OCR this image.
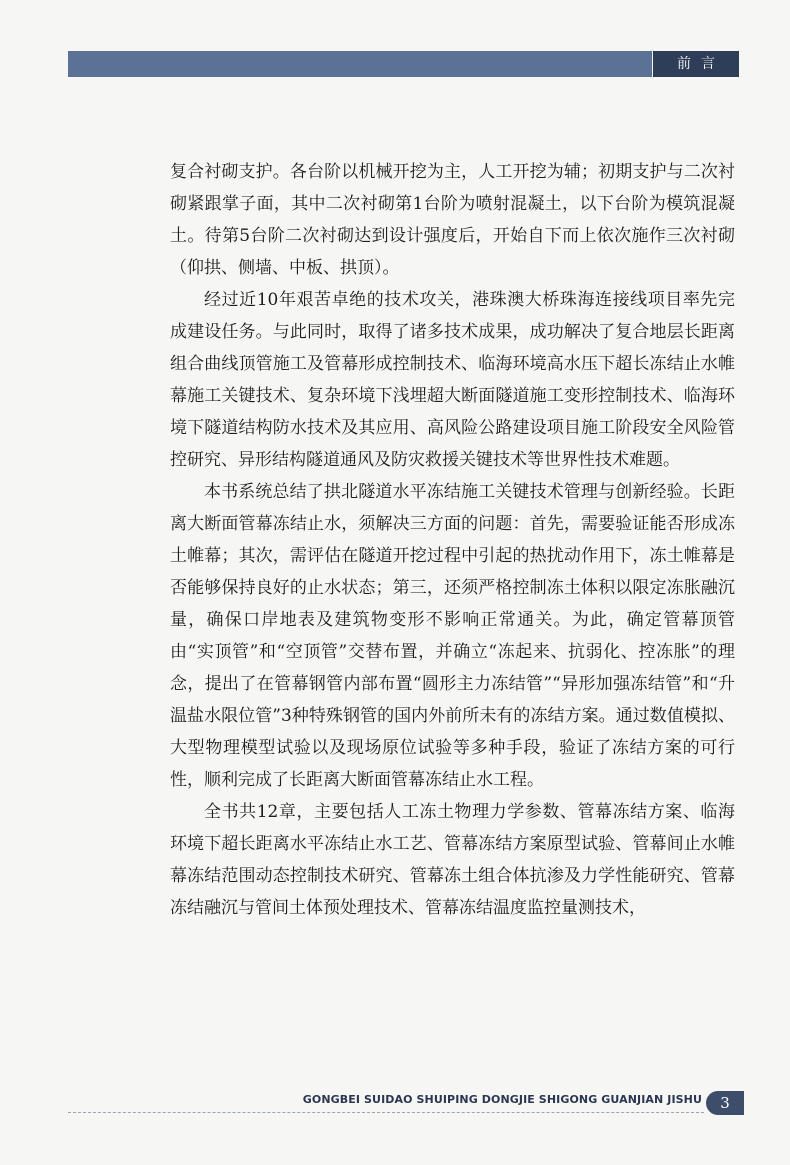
前言

复合衬砌支护。各台阶以机械开挖为主，人工开挖为辅；初期支护与二次衬砌紧跟掌子面，其中二次衬砌第1台阶为喷射混凝土，以下台阶为模筑混凝土。待第5台阶二次衬砌达到设计强度后，开始自下而上依次施作三次衬砌（仰拱、侧墙、中板、拱顶）。

经过近10年艰苦卓绝的技术攻关，港珠澳大桥珠海连接线项目率先完成建设任务。与此同时，取得了诸多技术成果，成功解决了复合地层长距离组合曲线顶管施工及管幕形成控制技术、临海环境高水压下超长冻结止水帷幕施工关键技术、复杂环境下浅埋超大断面隧道施工变形控制技术、临海环境下隧道结构防水技术及其应用、高风险公路建设项目施工阶段安全风险管控研究、异形结构隧道通风及防灾救援关键技术等世界性技术难题。

本书系统总结了拱北隧道水平冻结施工关键技术管理与创新经验。长距离大断面管幕冻结止水，须解决三方面的问题：首先，需要验证能否形成冻土帷幕；其次，需评估在隧道开挖过程中引起的热扰动作用下，冻土帷幕是否能够保持良好的止水状态；第三，还须严格控制冻土体积以限定冻胀融沉量，确保口岸地表及建筑物变形不影响正常通关。为此，确定管幕顶管由“实顶管”和“空顶管”交替布置，并确立“冻起来、抗弱化、控冻胀”的理念，提出了在管幕钢管内部布置“圆形主力冻结管”“异形加强冻结管”和“升温盐水限位管”3种特殊钢管的国内外前所未有的冻结方案。通过数值模拟、大型物理模型试验以及现场原位试验等多种手段，验证了冻结方案的可行性，顺利完成了长距离大断面管幕冻结止水工程。

全书共12章，主要包括人工冻土物理力学参数、管幕冻结方案、临海环境下超长距离水平冻结止水工艺、管幕冻结方案原型试验、管幕间止水帷幕冻结范围动态控制技术研究、管幕冻土组合体抗渗及力学性能研究、管幕冻结融沉与管间土体预处理技术、管幕冻结温度监控量测技术，

GONGBEI SUIDAO SHUIPING DONGJIE SHIGONG GUANJIAN JISHU	3
